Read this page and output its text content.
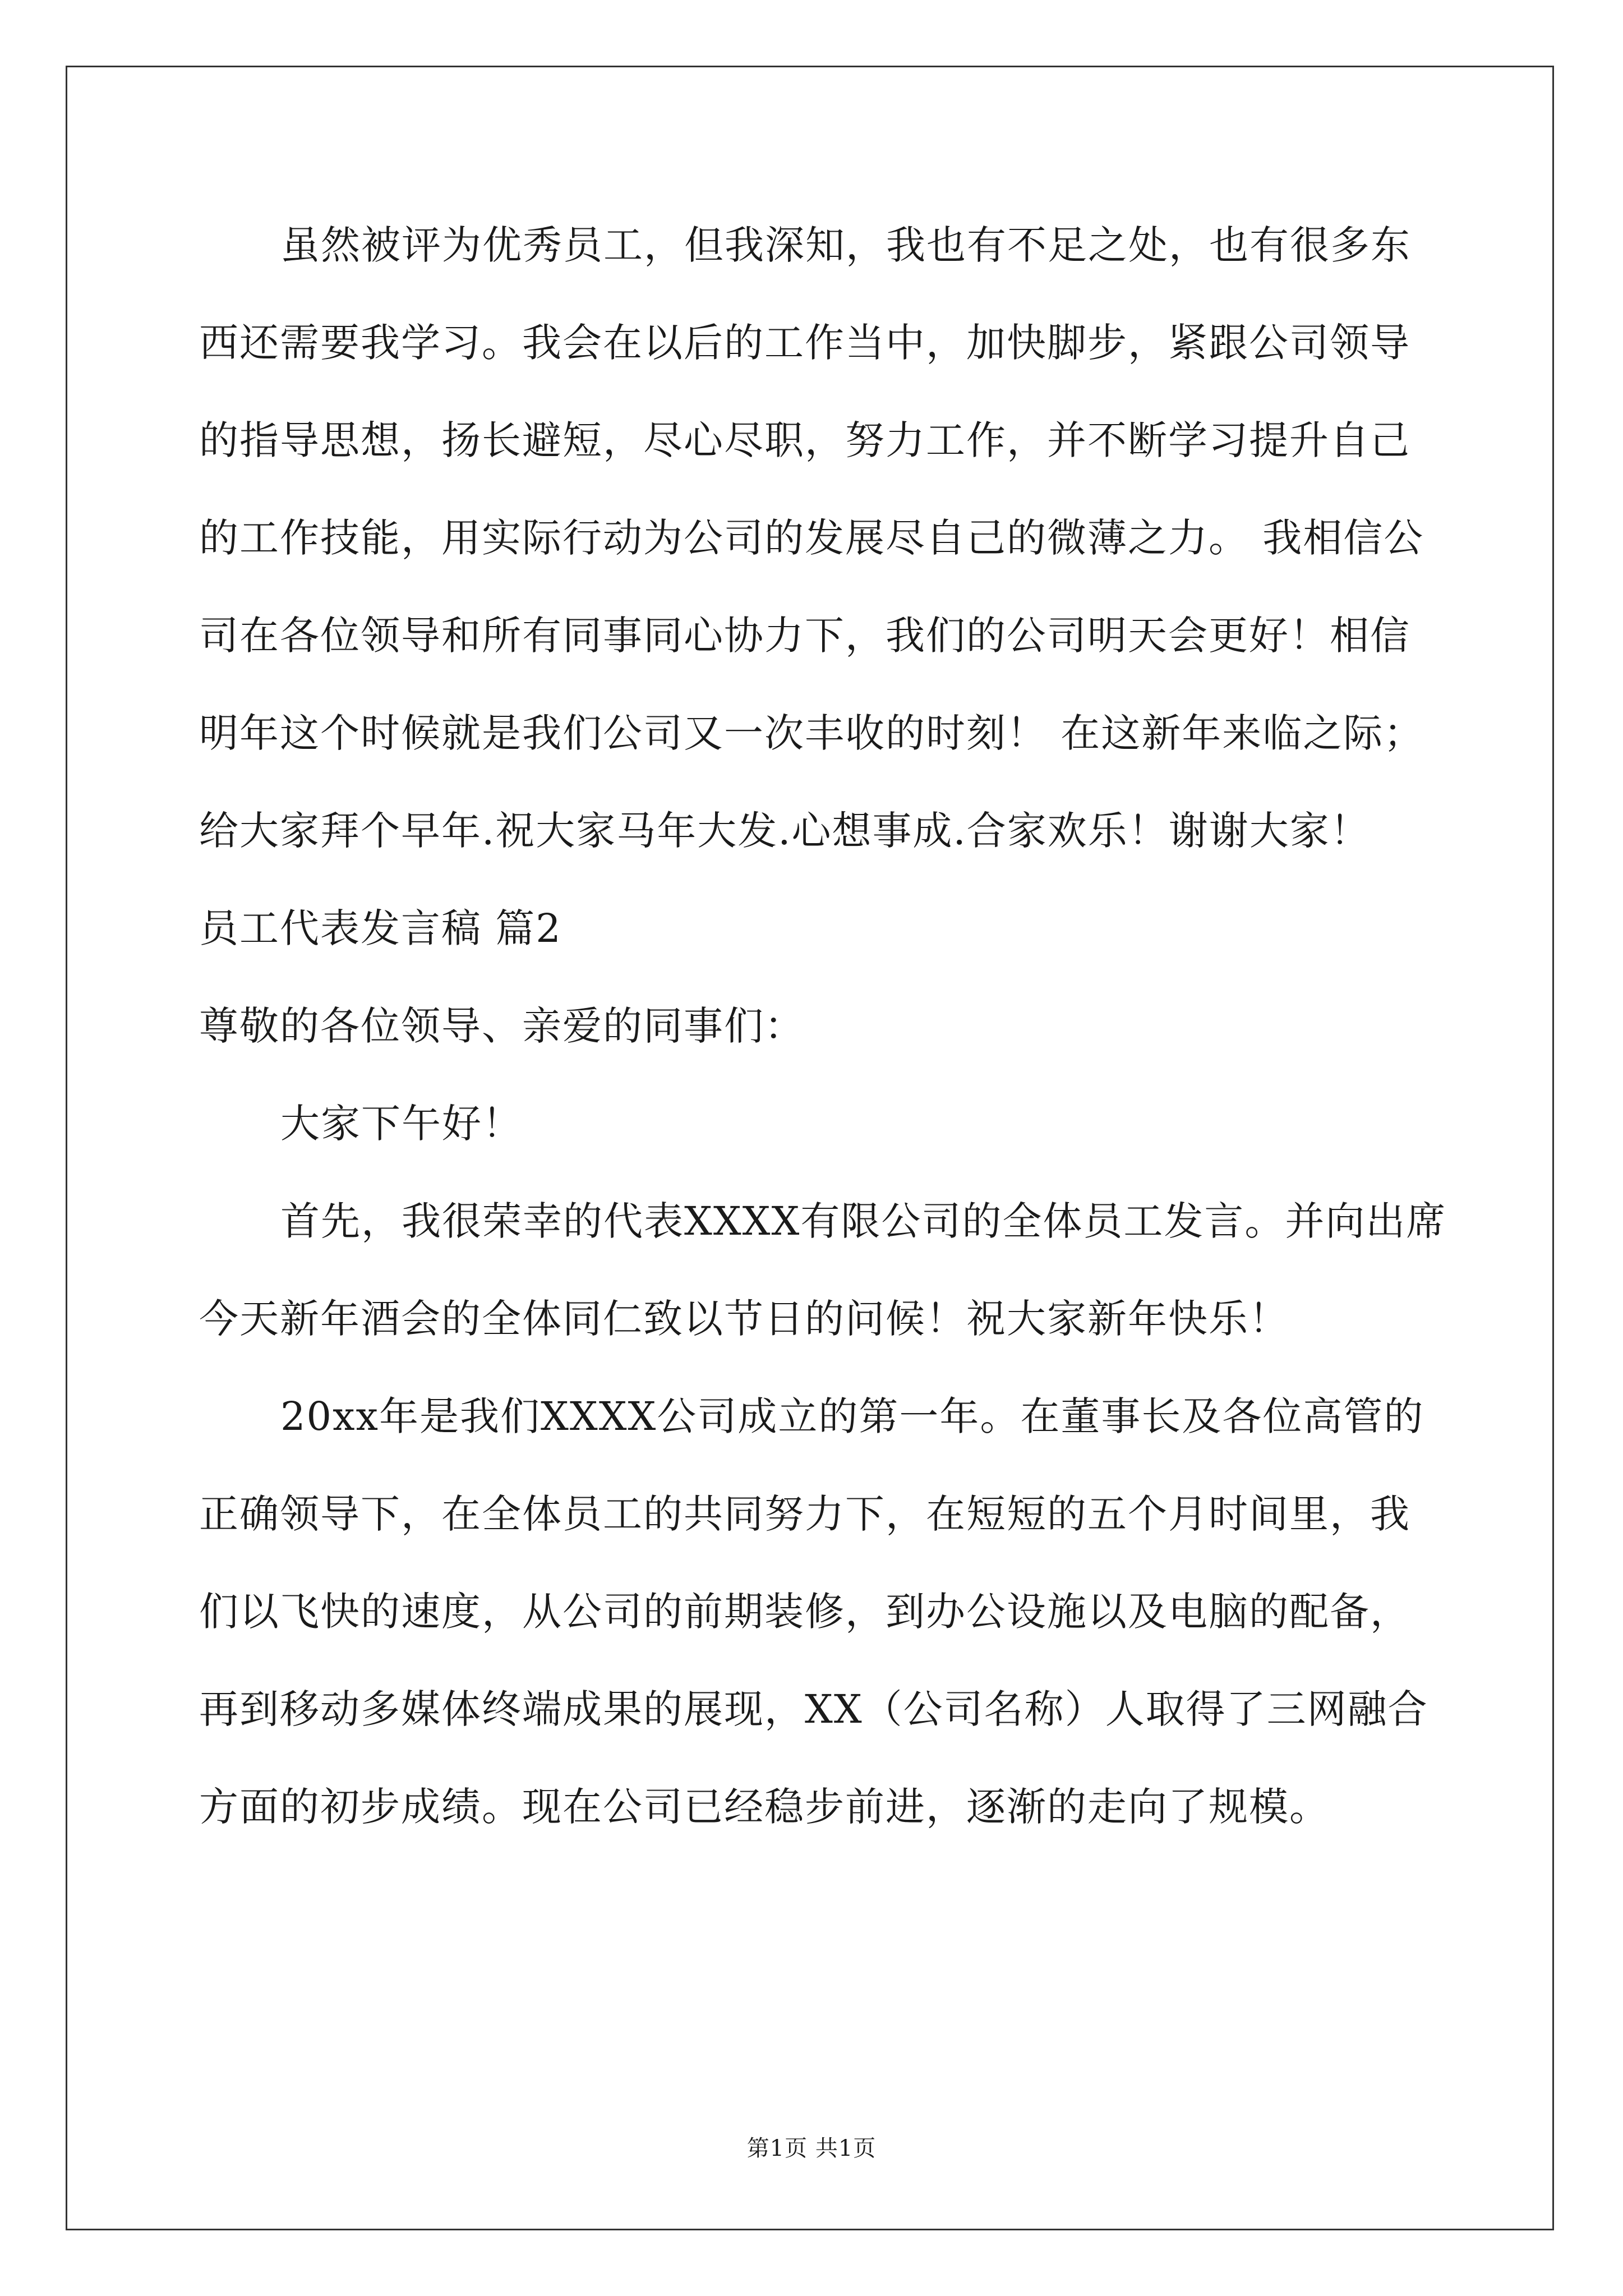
虽然被评为优秀员工，但我深知，我也有不足之处，也有很多东
西还需要我学习。我会在以后的工作当中，加快脚步，紧跟公司领导
的指导思想，扬长避短，尽心尽职，努力工作，并不断学习提升自己
的工作技能，用实际行动为公司的发展尽自己的微薄之力。 我相信公
司在各位领导和所有同事同心协力下，我们的公司明天会更好！相信
明年这个时候就是我们公司又一次丰收的时刻！ 在这新年来临之际；
给大家拜个早年.祝大家马年大发.心想事成.合家欢乐！谢谢大家！
员工代表发言稿 篇2
尊敬的各位领导、亲爱的同事们：
大家下午好！
首先，我很荣幸的代表XXXX有限公司的全体员工发言。并向出席
今天新年酒会的全体同仁致以节日的问候！祝大家新年快乐！
20xx年是我们XXXX公司成立的第一年。在董事长及各位高管的
正确领导下，在全体员工的共同努力下，在短短的五个月时间里，我
们以飞快的速度，从公司的前期装修，到办公设施以及电脑的配备，
再到移动多媒体终端成果的展现，XX（公司名称）人取得了三网融合
方面的初步成绩。现在公司已经稳步前进，逐渐的走向了规模。
第1页 共1页
